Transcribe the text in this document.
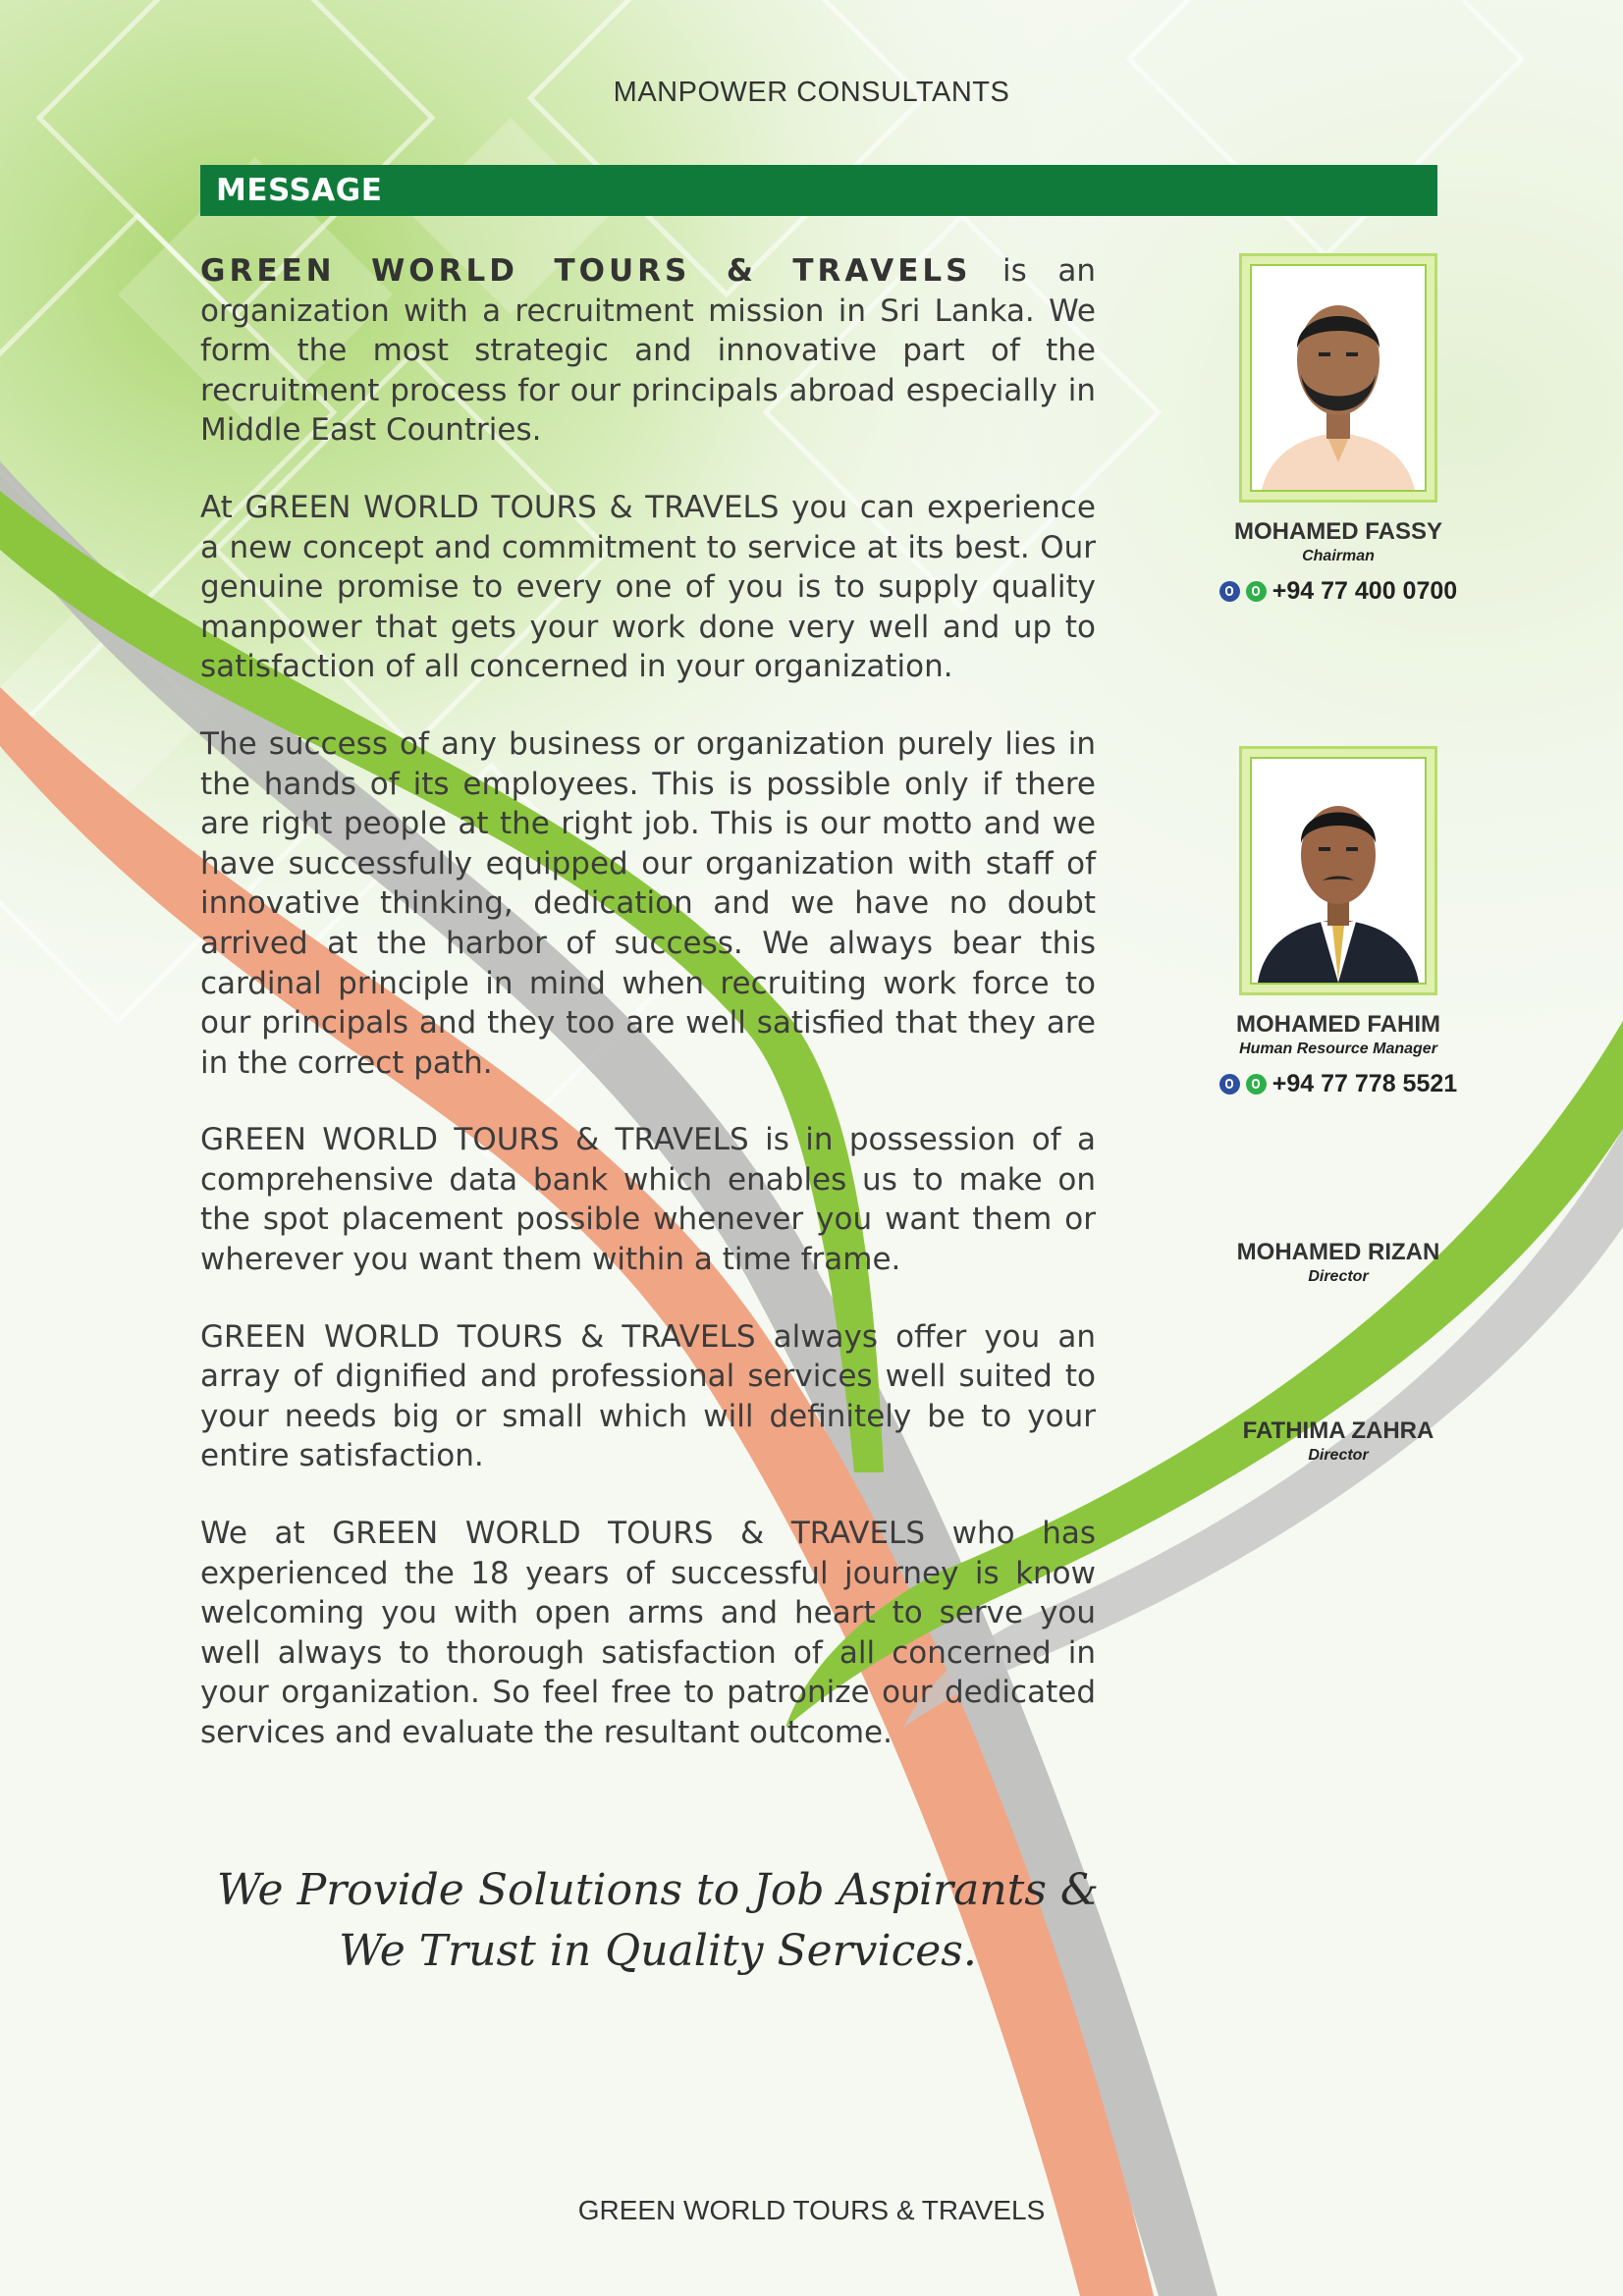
MANPOWER CONSULTANTS
MESSAGE

GREEN WORLD TOURS & TRAVELS is an organization with a recruitment mission in Sri Lanka. We form the most strategic and innovative part of the recruitment process for our principals abroad especially in Middle East Countries.

At GREEN WORLD TOURS & TRAVELS you can experience a new concept and commitment to service at its best. Our genuine promise to every one of you is to supply quality manpower that gets your work done very well and up to satisfaction of all concerned in your organization.

The success of any business or organization purely lies in the hands of its employees. This is possible only if there are right people at the right job. This is our motto and we have successfully equipped our organization with staff of innovative thinking, dedication and we have no doubt arrived at the harbor of success. We always bear this cardinal principle in mind when recruiting work force to our principals and they too are well satisfied that they are in the correct path.

GREEN WORLD TOURS & TRAVELS is in possession of a comprehensive data bank which enables us to make on the spot placement possible whenever you want them or wherever you want them within a time frame.

GREEN WORLD TOURS & TRAVELS always offer you an array of dignified and professional services well suited to your needs big or small which will definitely be to your entire satisfaction.

We at GREEN WORLD TOURS & TRAVELS who has experienced the 18 years of successful journey is know welcoming you with open arms and heart to serve you well always to thorough satisfaction of all concerned in your organization. So feel free to patronize our dedicated services and evaluate the resultant outcome.

We Provide Solutions to Job Aspirants &
We Trust in Quality Services.
MOHAMED FASSY
Chairman
+94 77 400 0700
MOHAMED FAHIM
Human Resource Manager
+94 77 778 5521
MOHAMED RIZAN
Director
FATHIMA ZAHRA
Director
GREEN WORLD TOURS & TRAVELS
